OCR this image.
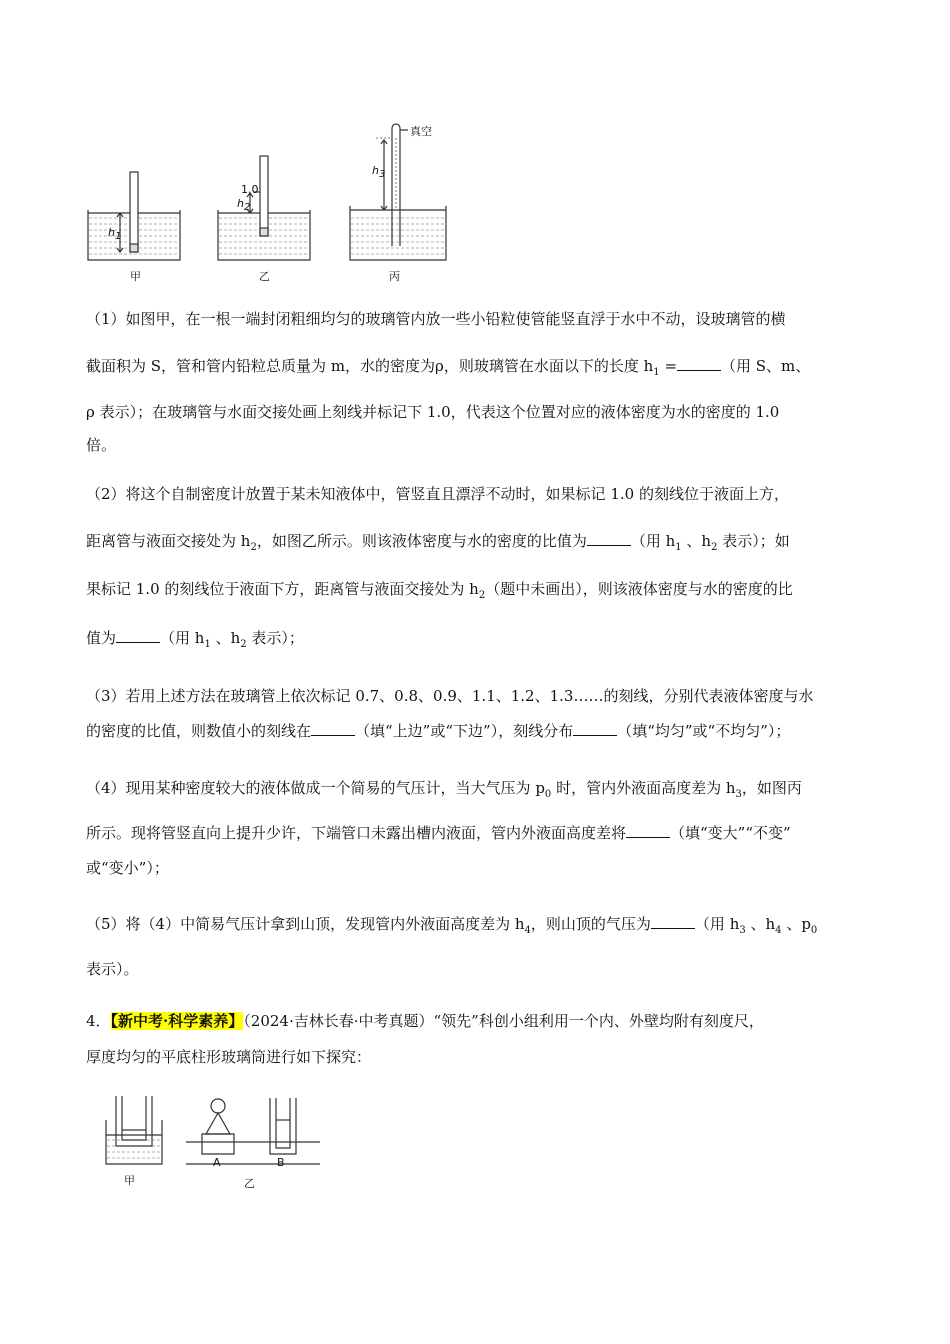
$h_1$
1.0
$h_2$
$h_3$
真空
甲	乙	丙
（1）如图甲，在一根一端封闭粗细均匀的玻璃管内放一些小铅粒使管能竖直浮于水中不动，设玻璃管的横
截面积为 S，管和管内铅粒总质量为 m，水的密度为ρ，则玻璃管在水面以下的长度 $h_1$ =	（用 S、m、
ρ 表示）；在玻璃管与水面交接处画上刻线并标记下 1.0，代表这个位置对应的液体密度为水的密度的 1.0
倍。
（2）将这个自制密度计放置于某未知液体中，管竖直且漂浮不动时，如果标记 1.0 的刻线位于液面上方，
距离管与液面交接处为 $h_2$，如图乙所示。则该液体密度与水的密度的比值为	（用 $h_1$ 、$h_2$ 表示）；如
果标记 1.0 的刻线位于液面下方，距离管与液面交接处为 $h_2$（题中未画出），则该液体密度与水的密度的比
值为	（用 $h_1$ 、$h_2$ 表示）；
（3）若用上述方法在玻璃管上依次标记 0.7、0.8、0.9、1.1、1.2、1.3……的刻线，分别代表液体密度与水
的密度的比值，则数值小的刻线在	（填“上边”或“下边”），刻线分布	（填“均匀”或“不均匀”）；
（4）现用某种密度较大的液体做成一个简易的气压计，当大气压为 $p_0$ 时，管内外液面高度差为 $h_3$，如图丙
所示。现将管竖直向上提升少许，下端管口未露出槽内液面，管内外液面高度差将	（填“变大”“不变”
或“变小”）；
（5）将（4）中简易气压计拿到山顶，发现管内外液面高度差为 $h_4$，则山顶的气压为	（用 $h_3$ 、$h_4$ 、$p_0$
表示）。
4．【新中考·科学素养】（2024·吉林长春·中考真题）“领先”科创小组利用一个内、外壁均附有刻度尺，
厚度均匀的平底柱形玻璃筒进行如下探究：
甲
A	B
乙
